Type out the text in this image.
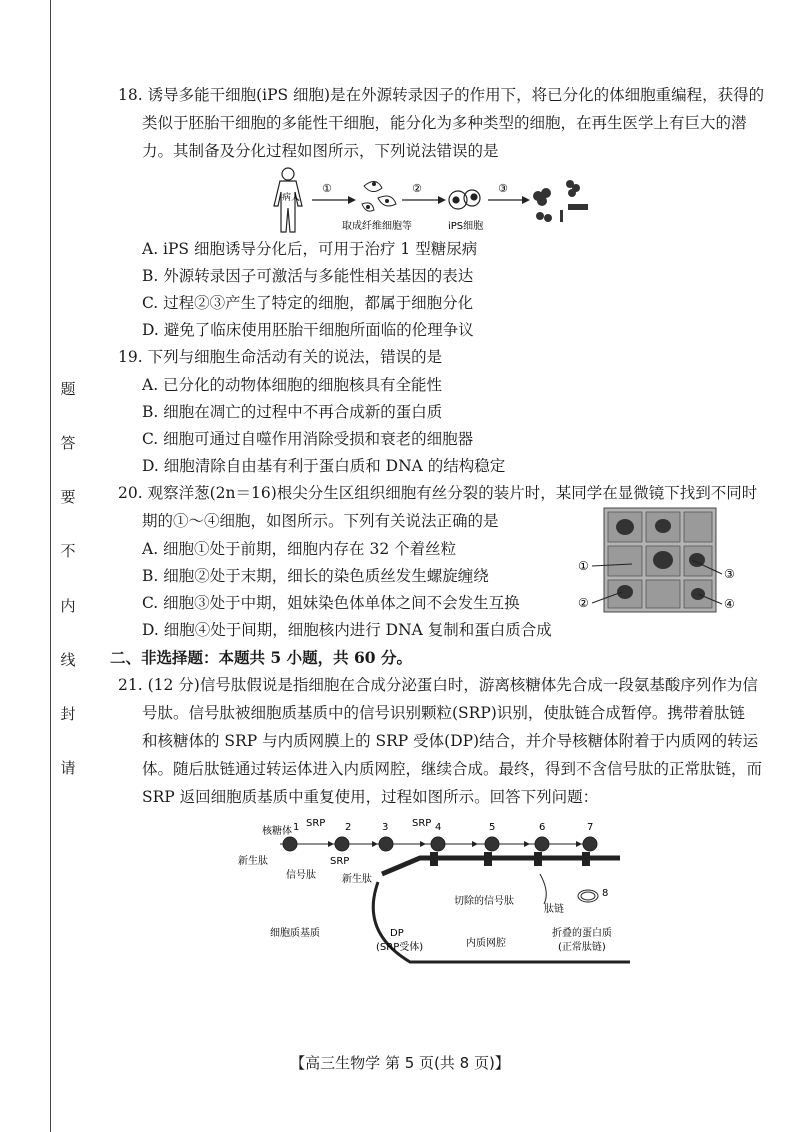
题
答
要
不
内
线
封
请
18. 诱导多能干细胞(iPS 细胞)是在外源转录因子的作用下，将已分化的体细胞重编程，获得的
类似于胚胎干细胞的多能性干细胞，能分化为多种类型的细胞，在再生医学上有巨大的潜
力。其制备及分化过程如图所示，下列说法错误的是
病人
①
取成纤维细胞等
②
iPS细胞
③
A. iPS 细胞诱导分化后，可用于治疗 1 型糖尿病
B. 外源转录因子可激活与多能性相关基因的表达
C. 过程②③产生了特定的细胞，都属于细胞分化
D. 避免了临床使用胚胎干细胞所面临的伦理争议
19. 下列与细胞生命活动有关的说法，错误的是
A. 已分化的动物体细胞的细胞核具有全能性
B. 细胞在凋亡的过程中不再合成新的蛋白质
C. 细胞可通过自噬作用消除受损和衰老的细胞器
D. 细胞清除自由基有利于蛋白质和 DNA 的结构稳定
20. 观察洋葱(2n＝16)根尖分生区组织细胞有丝分裂的装片时，某同学在显微镜下找到不同时
期的①～④细胞，如图所示。下列有关说法正确的是
A. 细胞①处于前期，细胞内存在 32 个着丝粒
B. 细胞②处于末期，细长的染色质丝发生螺旋缠绕
C. 细胞③处于中期，姐妹染色体单体之间不会发生互换
D. 细胞④处于间期，细胞核内进行 DNA 复制和蛋白质合成
二、非选择题：本题共 5 小题，共 60 分。
21. (12 分)信号肽假说是指细胞在合成分泌蛋白时，游离核糖体先合成一段氨基酸序列作为信
号肽。信号肽被细胞质基质中的信号识别颗粒(SRP)识别，使肽链合成暂停。携带着肽链
和核糖体的 SRP 与内质网膜上的 SRP 受体(DP)结合，并介导核糖体附着于内质网的转运
体。随后肽链通过转运体进入内质网腔，继续合成。最终，得到不含信号肽的正常肽链，而
SRP 返回细胞质基质中重复使用，过程如图所示。回答下列问题：
核糖体 1	2	3	4	5	6	7
8
SRP	SRP
SRP
新生肽
信号肽	新生肽
DP
(SRP受体)
细胞质基质
内质网腔
切除的信号肽
肽链
折叠的蛋白质
(正常肽链)
①
②
③
④
【高三生物学 第 5 页(共 8 页)】
